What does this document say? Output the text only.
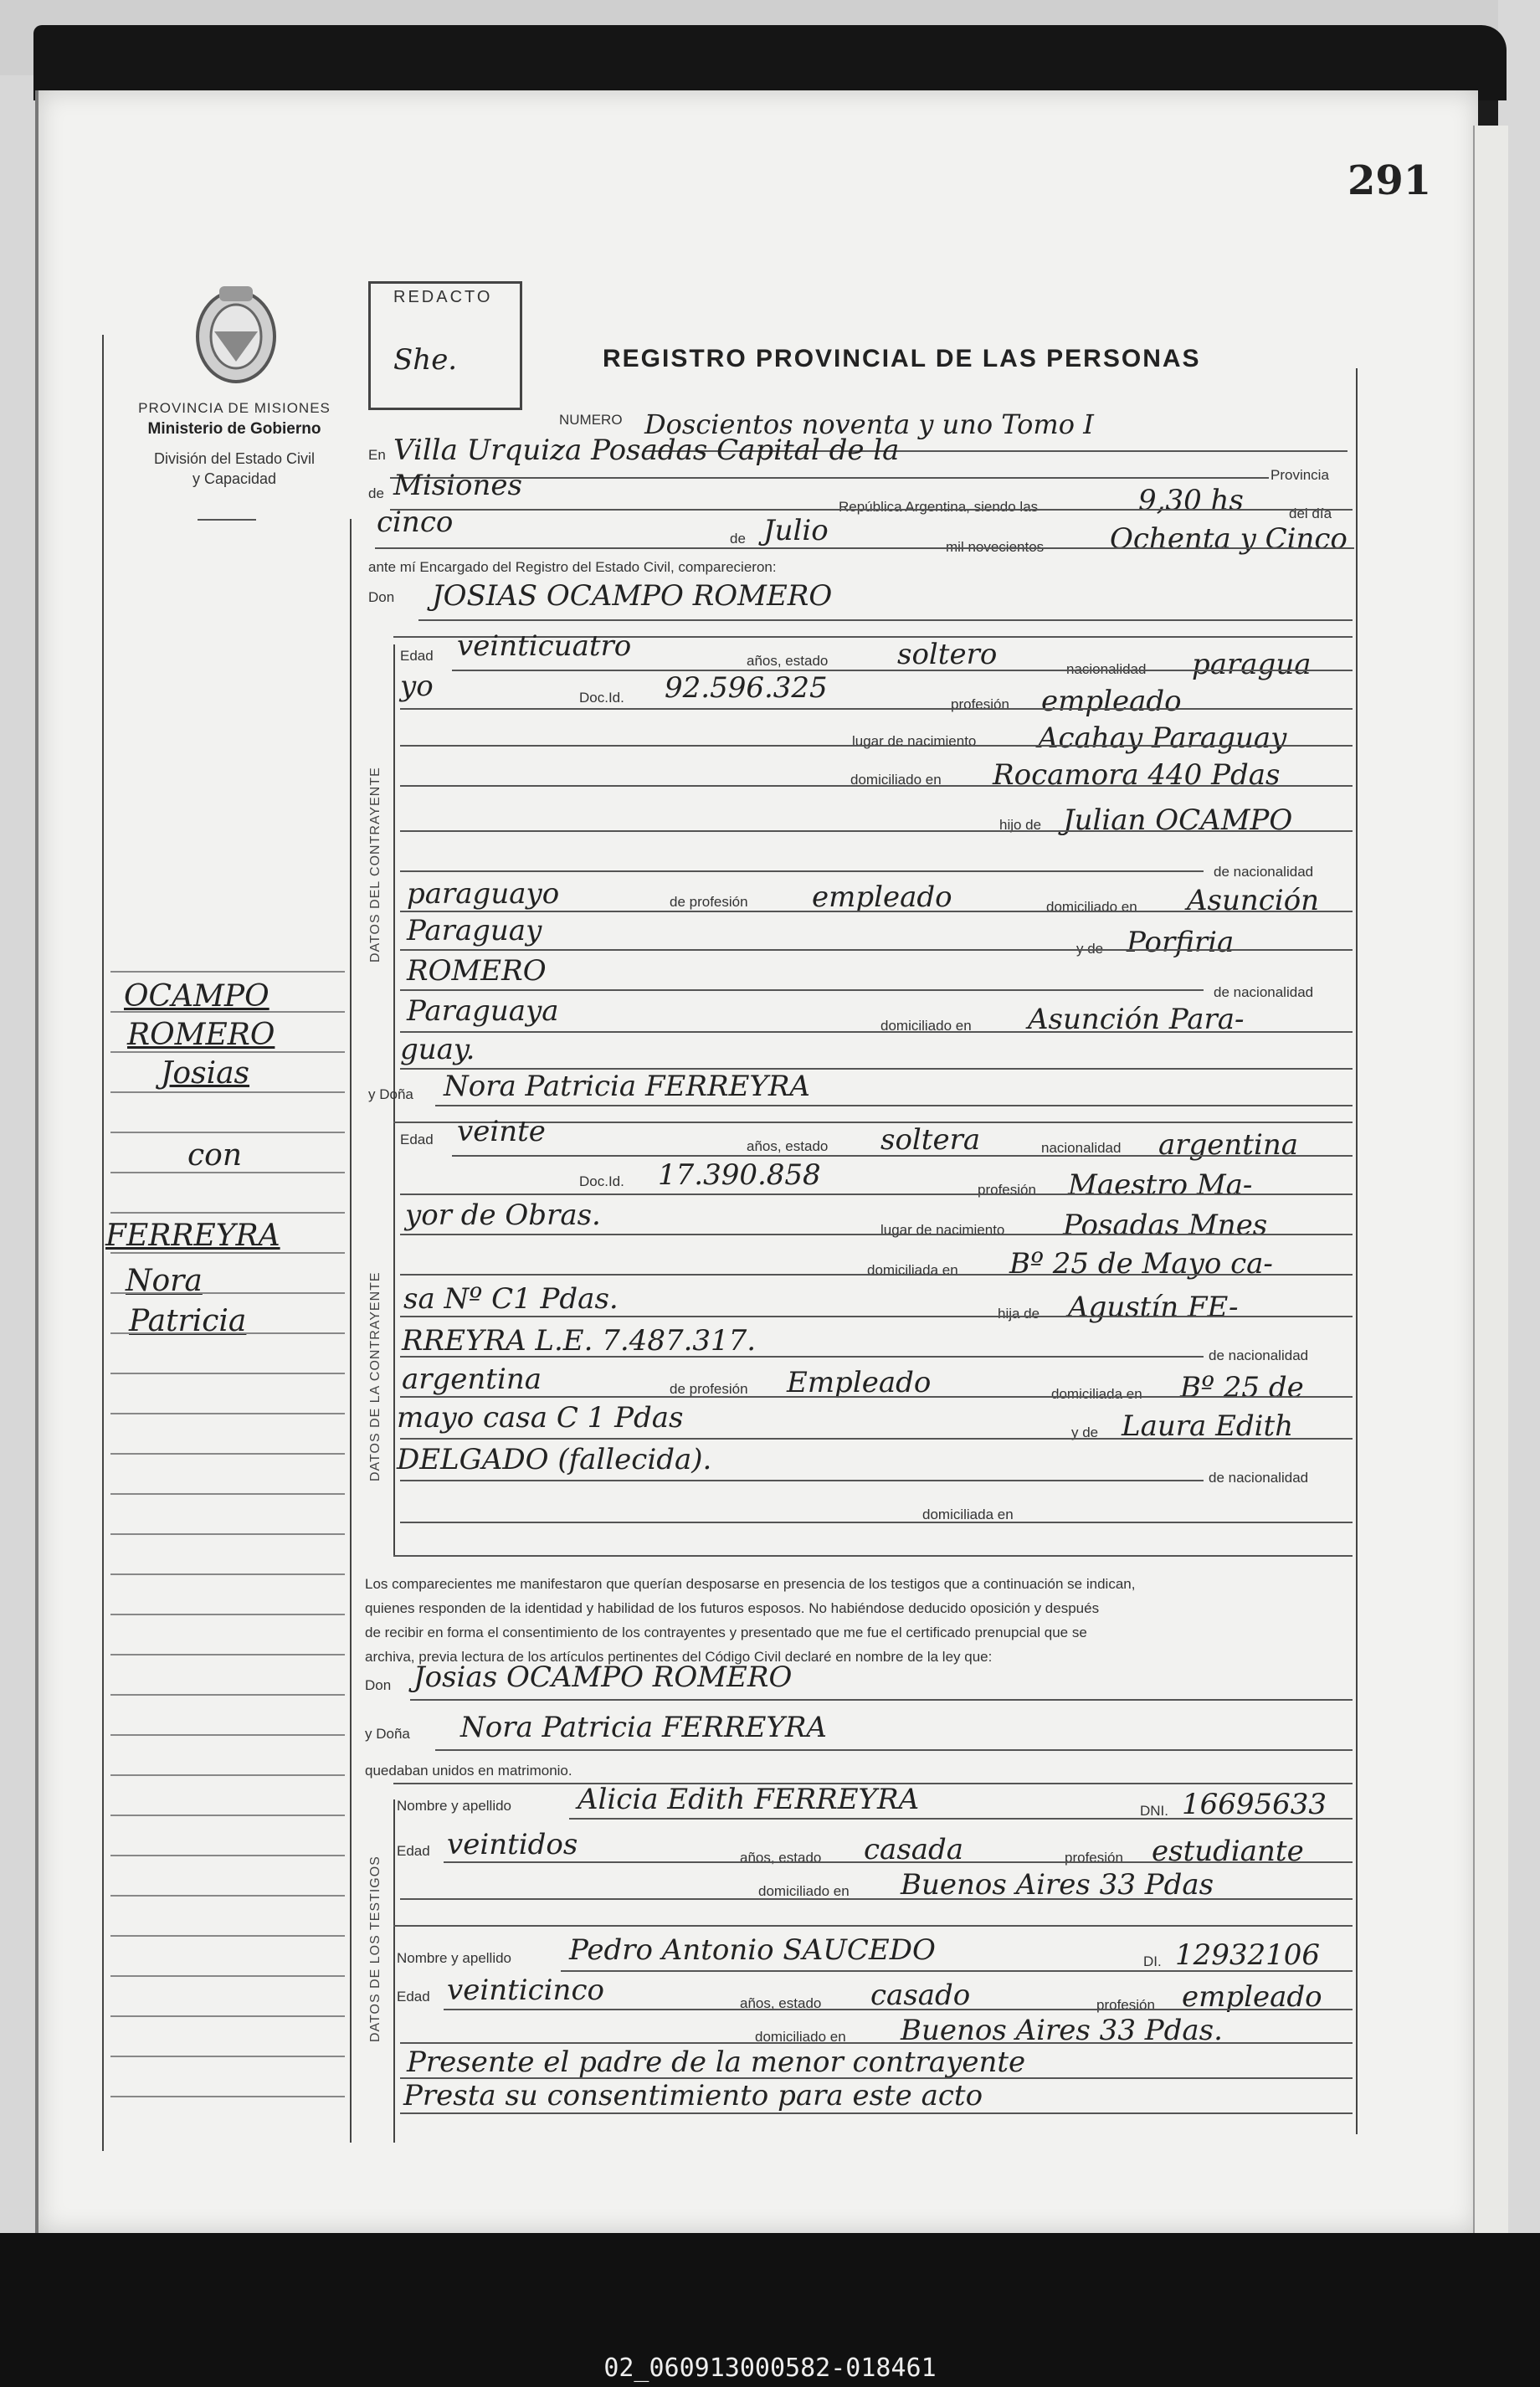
291
PROVINCIA DE MISIONES
Ministerio de Gobierno
División del Estado Civil
y Capacidad
REDACTO
She.	REGISTRO PROVINCIAL DE LAS PERSONAS
OCAMPO
ROMERO
Josias
con
FERREYRA
Nora
Patricia
NUMERO Doscientos noventa y uno Tomo I
En Villa Urquiza Posadas Capital de la
Provincia
de Misiones
República Argentina, siendo las	9,30 hs	del día
cinco	de Julio	mil novecientos Ochenta y Cinco
ante mí Encargado del Registro del Estado Civil, comparecieron:
Don JOSIAS OCAMPO ROMERO
DATOS DEL CONTRAYENTE
Edad veinticuatro	años, estado soltero	nacionalidad paragua
yo	Doc.Id. 92.596.325	profesión empleado
lugar de nacimiento Acahay Paraguay
domiciliado en Rocamora 440 Pdas
hijo de Julian OCAMPO
de nacionalidad
paraguayo	de profesión empleado	domiciliado en Asunción
Paraguay
y de Porfiria
ROMERO
de nacionalidad
Paraguaya	domiciliado en Asunción Para-
guay.
y Doña Nora Patricia FERREYRA
DATOS DE LA CONTRAYENTE
Edad veinte	años, estado soltera	nacionalidad argentina
Doc.Id. 17.390.858	profesión Maestro Ma-
yor de Obras.	lugar de nacimiento Posadas Mnes
domiciliada en Bº 25 de Mayo ca-
sa Nº C1 Pdas.	hija de Agustín FE-
RREYRA L.E. 7.487.317.	de nacionalidad
argentina	de profesión Empleado	domiciliada en Bº 25 de
mayo casa C 1 Pdas	y de Laura Edith
DELGADO (fallecida).
de nacionalidad
domiciliada en
Los comparecientes me manifestaron que querían desposarse en presencia de los testigos que a continuación se indican,
quienes responden de la identidad y habilidad de los futuros esposos. No habiéndose deducido oposición y después
de recibir en forma el consentimiento de los contrayentes y presentado que me fue el certificado prenupcial que se
archiva, previa lectura de los artículos pertinentes del Código Civil declaré en nombre de la ley que:
Don Josias OCAMPO ROMERO
y Doña Nora Patricia FERREYRA
quedaban unidos en matrimonio.
DATOS DE LOS TESTIGOS
Nombre y apellido Alicia Edith FERREYRA	DNI. 16695633
Edad veintidos	años, estado casada	profesión estudiante
domiciliado en Buenos Aires 33 Pdas
Nombre y apellido Pedro Antonio SAUCEDO	DI. 12932106
Edad veinticinco	años, estado casado	profesión empleado
domiciliado en Buenos Aires 33 Pdas.
Presente el padre de la menor contrayente
Presta su consentimiento para este acto
02_060913000582-018461
